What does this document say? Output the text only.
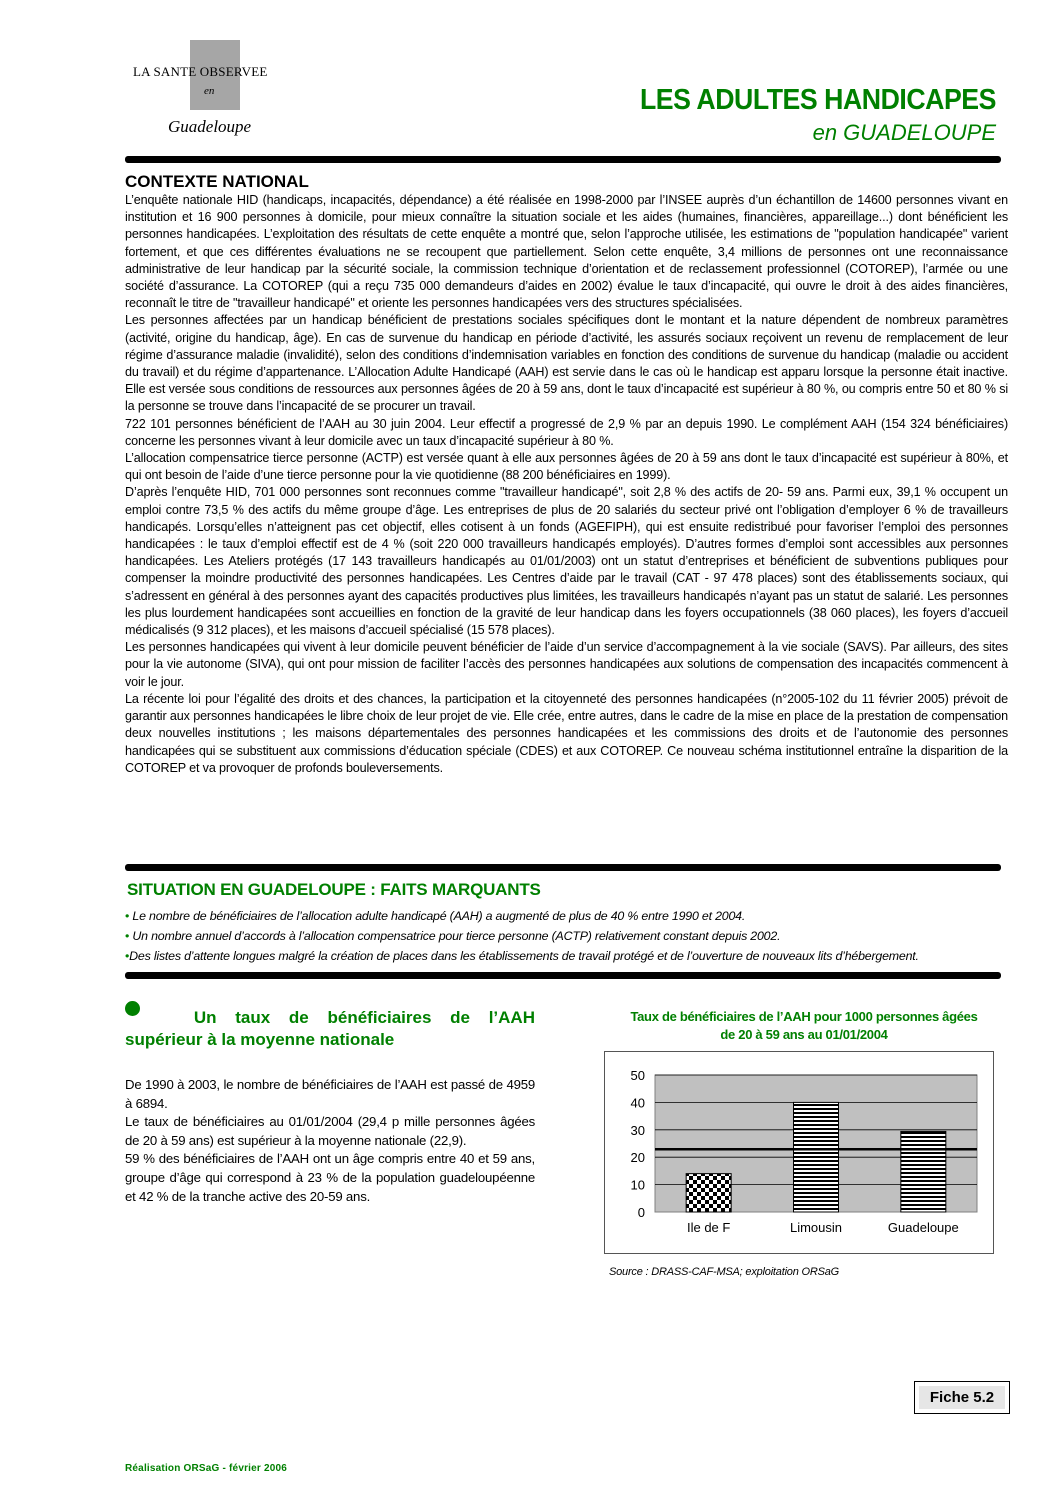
LA SANTE OBSERVEE
en
Guadeloupe
LES ADULTES HANDICAPES
en GUADELOUPE
CONTEXTE NATIONAL

L’enquête nationale HID (handicaps, incapacités, dépendance) a été réalisée en 1998-2000 par l’INSEE auprès d’un échantillon de 14600 personnes vivant en institution et 16 900 personnes à domicile, pour mieux connaître la situation sociale et les aides (humaines, financières, appareillage...) dont bénéficient les personnes handicapées. L’exploitation des résultats de cette enquête a montré que, selon l’approche utilisée, les estimations de "population handicapée" varient fortement, et que ces différentes évaluations ne se recoupent que partiellement. Selon cette enquête, 3,4 millions de personnes ont une reconnaissance administrative de leur handicap par la sécurité sociale, la commission technique d’orientation et de reclassement professionnel (COTOREP), l’armée ou une société d’assurance. La COTOREP (qui a reçu 735 000 demandeurs d’aides en 2002) évalue le taux d’incapacité, qui ouvre le droit à des aides financières, reconnaît le titre de "travailleur handicapé" et oriente les personnes handicapées vers des structures spécialisées.

Les personnes affectées par un handicap bénéficient de prestations sociales spécifiques dont le montant et la nature dépendent de nombreux paramètres (activité, origine du handicap, âge). En cas de survenue du handicap en période d’activité, les assurés sociaux reçoivent un revenu de remplacement de leur régime d’assurance maladie (invalidité), selon des conditions d’indemnisation variables en fonction des conditions de survenue du handicap (maladie ou accident du travail) et du régime d’appartenance. L’Allocation Adulte Handicapé (AAH) est servie dans le cas où le handicap est apparu lorsque la personne était inactive. Elle est versée sous conditions de ressources aux personnes âgées de 20 à 59 ans, dont le taux d’incapacité est supérieur à 80 %, ou compris entre 50 et 80 % si la personne se trouve dans l’incapacité de se procurer un travail.

722 101 personnes bénéficient de l’AAH au 30 juin 2004. Leur effectif a progressé de 2,9 % par an depuis 1990. Le complément AAH (154 324 bénéficiaires) concerne les personnes vivant à leur domicile avec un taux d’incapacité supérieur à 80 %.

L’allocation compensatrice tierce personne (ACTP) est versée quant à elle aux personnes âgées de 20 à 59 ans dont le taux d’incapacité est supérieur à 80%, et qui ont besoin de l’aide d’une tierce personne pour la vie quotidienne (88 200 bénéficiaires en 1999).

D’après l’enquête HID, 701 000 personnes sont reconnues comme "travailleur handicapé", soit 2,8 % des actifs de 20- 59 ans. Parmi eux, 39,1 % occupent un emploi contre 73,5 % des actifs du même groupe d’âge. Les entreprises de plus de 20 salariés du secteur privé ont l’obligation d’employer 6 % de travailleurs handicapés. Lorsqu’elles n’atteignent pas cet objectif, elles cotisent à un fonds (AGEFIPH), qui est ensuite redistribué pour favoriser l’emploi des personnes handicapées : le taux d’emploi effectif est de 4 % (soit 220 000 travailleurs handicapés employés). D’autres formes d’emploi sont accessibles aux personnes handicapées. Les Ateliers protégés (17 143 travailleurs handicapés au 01/01/2003) ont un statut d’entreprises et bénéficient de subventions publiques pour compenser la moindre productivité des personnes handicapées. Les Centres d’aide par le travail (CAT - 97 478 places) sont des établissements sociaux, qui s’adressent en général à des personnes ayant des capacités productives plus limitées, les travailleurs handicapés n’ayant pas un statut de salarié. Les personnes les plus lourdement handicapées sont accueillies en fonction de la gravité de leur handicap dans les foyers occupationnels (38 060 places), les foyers d’accueil médicalisés (9 312 places), et les maisons d’accueil spécialisé (15 578 places).

Les personnes handicapées qui vivent à leur domicile peuvent bénéficier de l’aide d’un service d’accompagnement à la vie sociale (SAVS). Par ailleurs, des sites pour la vie autonome (SIVA), qui ont pour mission de faciliter l’accès des personnes handicapées aux solutions de compensation des incapacités commencent à voir le jour.

La récente loi pour l’égalité des droits et des chances, la participation et la citoyenneté des personnes handicapées (n°2005-102 du 11 février 2005) prévoit de garantir aux personnes handicapées le libre choix de leur projet de vie. Elle crée, entre autres, dans le cadre de la mise en place de la prestation de compensation deux nouvelles institutions ; les maisons départementales des personnes handicapées et les commissions des droits et de l’autonomie des personnes handicapées qui se substituent aux commissions d’éducation spéciale (CDES) et aux COTOREP. Ce nouveau schéma institutionnel entraîne la disparition de la COTOREP et va provoquer de profonds bouleversements.

SITUATION EN GUADELOUPE : FAITS MARQUANTS
• Le nombre de bénéficiaires de l’allocation adulte handicapé (AAH) a augmenté de plus de 40 % entre 1990 et 2004.
• Un nombre annuel d’accords à l’allocation compensatrice pour tierce personne (ACTP) relativement constant depuis 2002.
•Des listes d’attente longues malgré la création de places dans les établissements de travail protégé et de l’ouverture de nouveaux lits d’hébergement.
Un taux de bénéficiaires de l’AAH
supérieur à la moyenne nationale

De 1990 à 2003, le nombre de bénéficiaires de l’AAH est passé de 4959 à 6894.

Le taux de bénéficiaires au 01/01/2004 (29,4 p mille personnes âgées de 20 à 59 ans) est supérieur à la moyenne nationale (22,9).

59 % des bénéficiaires de l’AAH ont un âge compris entre 40 et 59 ans, groupe d’âge qui correspond à 23 % de la population guadeloupéenne et 42 % de la tranche active des 20-59 ans.

Taux de bénéficiaires de l’AAH pour 1000 personnes âgées
de 20 à 59 ans au 01/01/2004
0
10
20
30
40
50
Ile de F	Limousin	Guadeloupe
Source : DRASS-CAF-MSA; exploitation ORSaG
Fiche 5.2
Réalisation ORSaG - février 2006
